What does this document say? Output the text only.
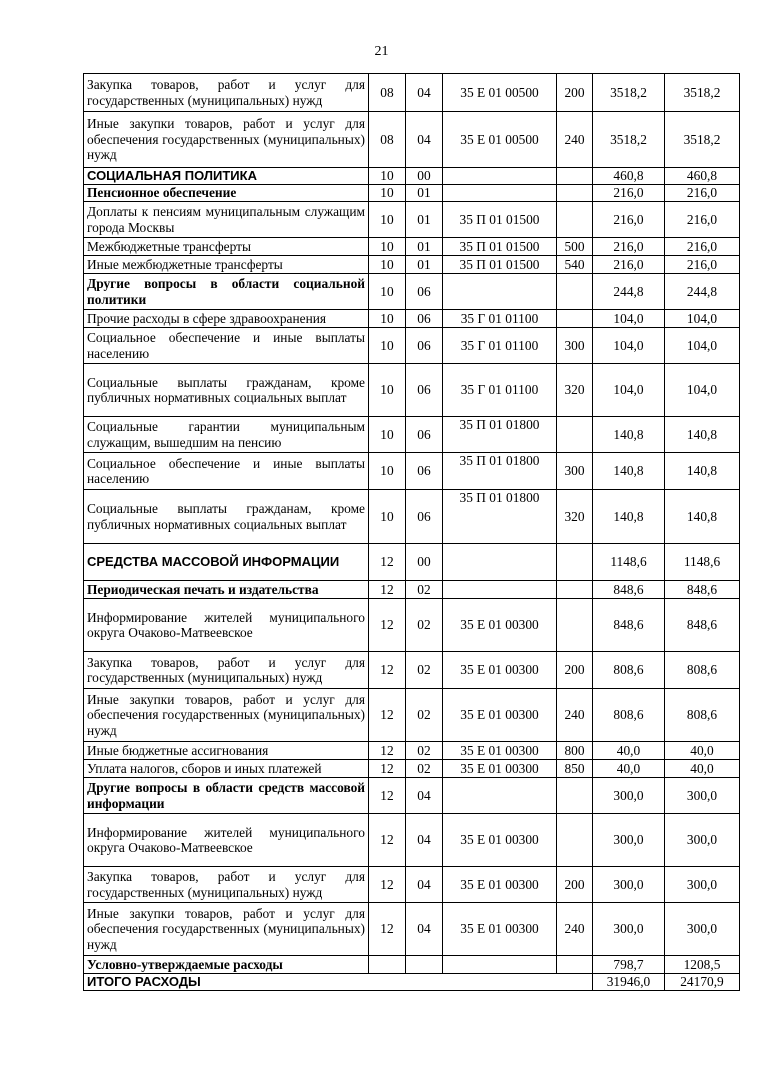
21
Закупка товаров, работ и услуг для государственных (муниципальных) нужд	08	04	35 Е 01 00500	200	3518,2	3518,2
Иные закупки товаров, работ и услуг для обеспечения государственных (муниципальных) нужд	08	04	35 Е 01 00500	240	3518,2	3518,2
СОЦИАЛЬНАЯ ПОЛИТИКА	10	00			460,8	460,8
Пенсионное обеспечение	10	01			216,0	216,0
Доплаты к пенсиям муниципальным служащим города Москвы	10	01	35 П 01 01500		216,0	216,0
Межбюджетные трансферты	10	01	35 П 01 01500	500	216,0	216,0
Иные межбюджетные трансферты	10	01	35 П 01 01500	540	216,0	216,0
Другие вопросы в области социальной политики	10	06			244,8	244,8
Прочие расходы в сфере здравоохранения	10	06	35 Г 01 01100		104,0	104,0
Социальное обеспечение и иные выплаты населению	10	06	35 Г 01 01100	300	104,0	104,0
Социальные выплаты гражданам, кроме публичных нормативных социальных выплат	10	06	35 Г 01 01100	320	104,0	104,0
Социальные гарантии муниципальным служащим, вышедшим на пенсию	10	06	35 П 01 01800		140,8	140,8
Социальное обеспечение и иные выплаты населению	10	06	35 П 01 01800	300	140,8	140,8
Социальные выплаты гражданам, кроме публичных нормативных социальных выплат	10	06	35 П 01 01800	320	140,8	140,8
СРЕДСТВА МАССОВОЙ ИНФОРМАЦИИ	12	00			1148,6	1148,6
Периодическая печать и издательства	12	02			848,6	848,6
Информирование жителей муниципального округа Очаково-Матвеевское	12	02	35 Е 01 00300		848,6	848,6
Закупка товаров, работ и услуг для государственных (муниципальных) нужд	12	02	35 Е 01 00300	200	808,6	808,6
Иные закупки товаров, работ и услуг для обеспечения государственных (муниципальных) нужд	12	02	35 Е 01 00300	240	808,6	808,6
Иные бюджетные ассигнования	12	02	35 Е 01 00300	800	40,0	40,0
Уплата налогов, сборов и иных платежей	12	02	35 Е 01 00300	850	40,0	40,0
Другие вопросы в области средств массовой информации	12	04			300,0	300,0
Информирование жителей муниципального округа Очаково-Матвеевское	12	04	35 Е 01 00300		300,0	300,0
Закупка товаров, работ и услуг для государственных (муниципальных) нужд	12	04	35 Е 01 00300	200	300,0	300,0
Иные закупки товаров, работ и услуг для обеспечения государственных (муниципальных) нужд	12	04	35 Е 01 00300	240	300,0	300,0
Условно-утверждаемые расходы					798,7	1208,5
ИТОГО РАСХОДЫ					31946,0	24170,9
